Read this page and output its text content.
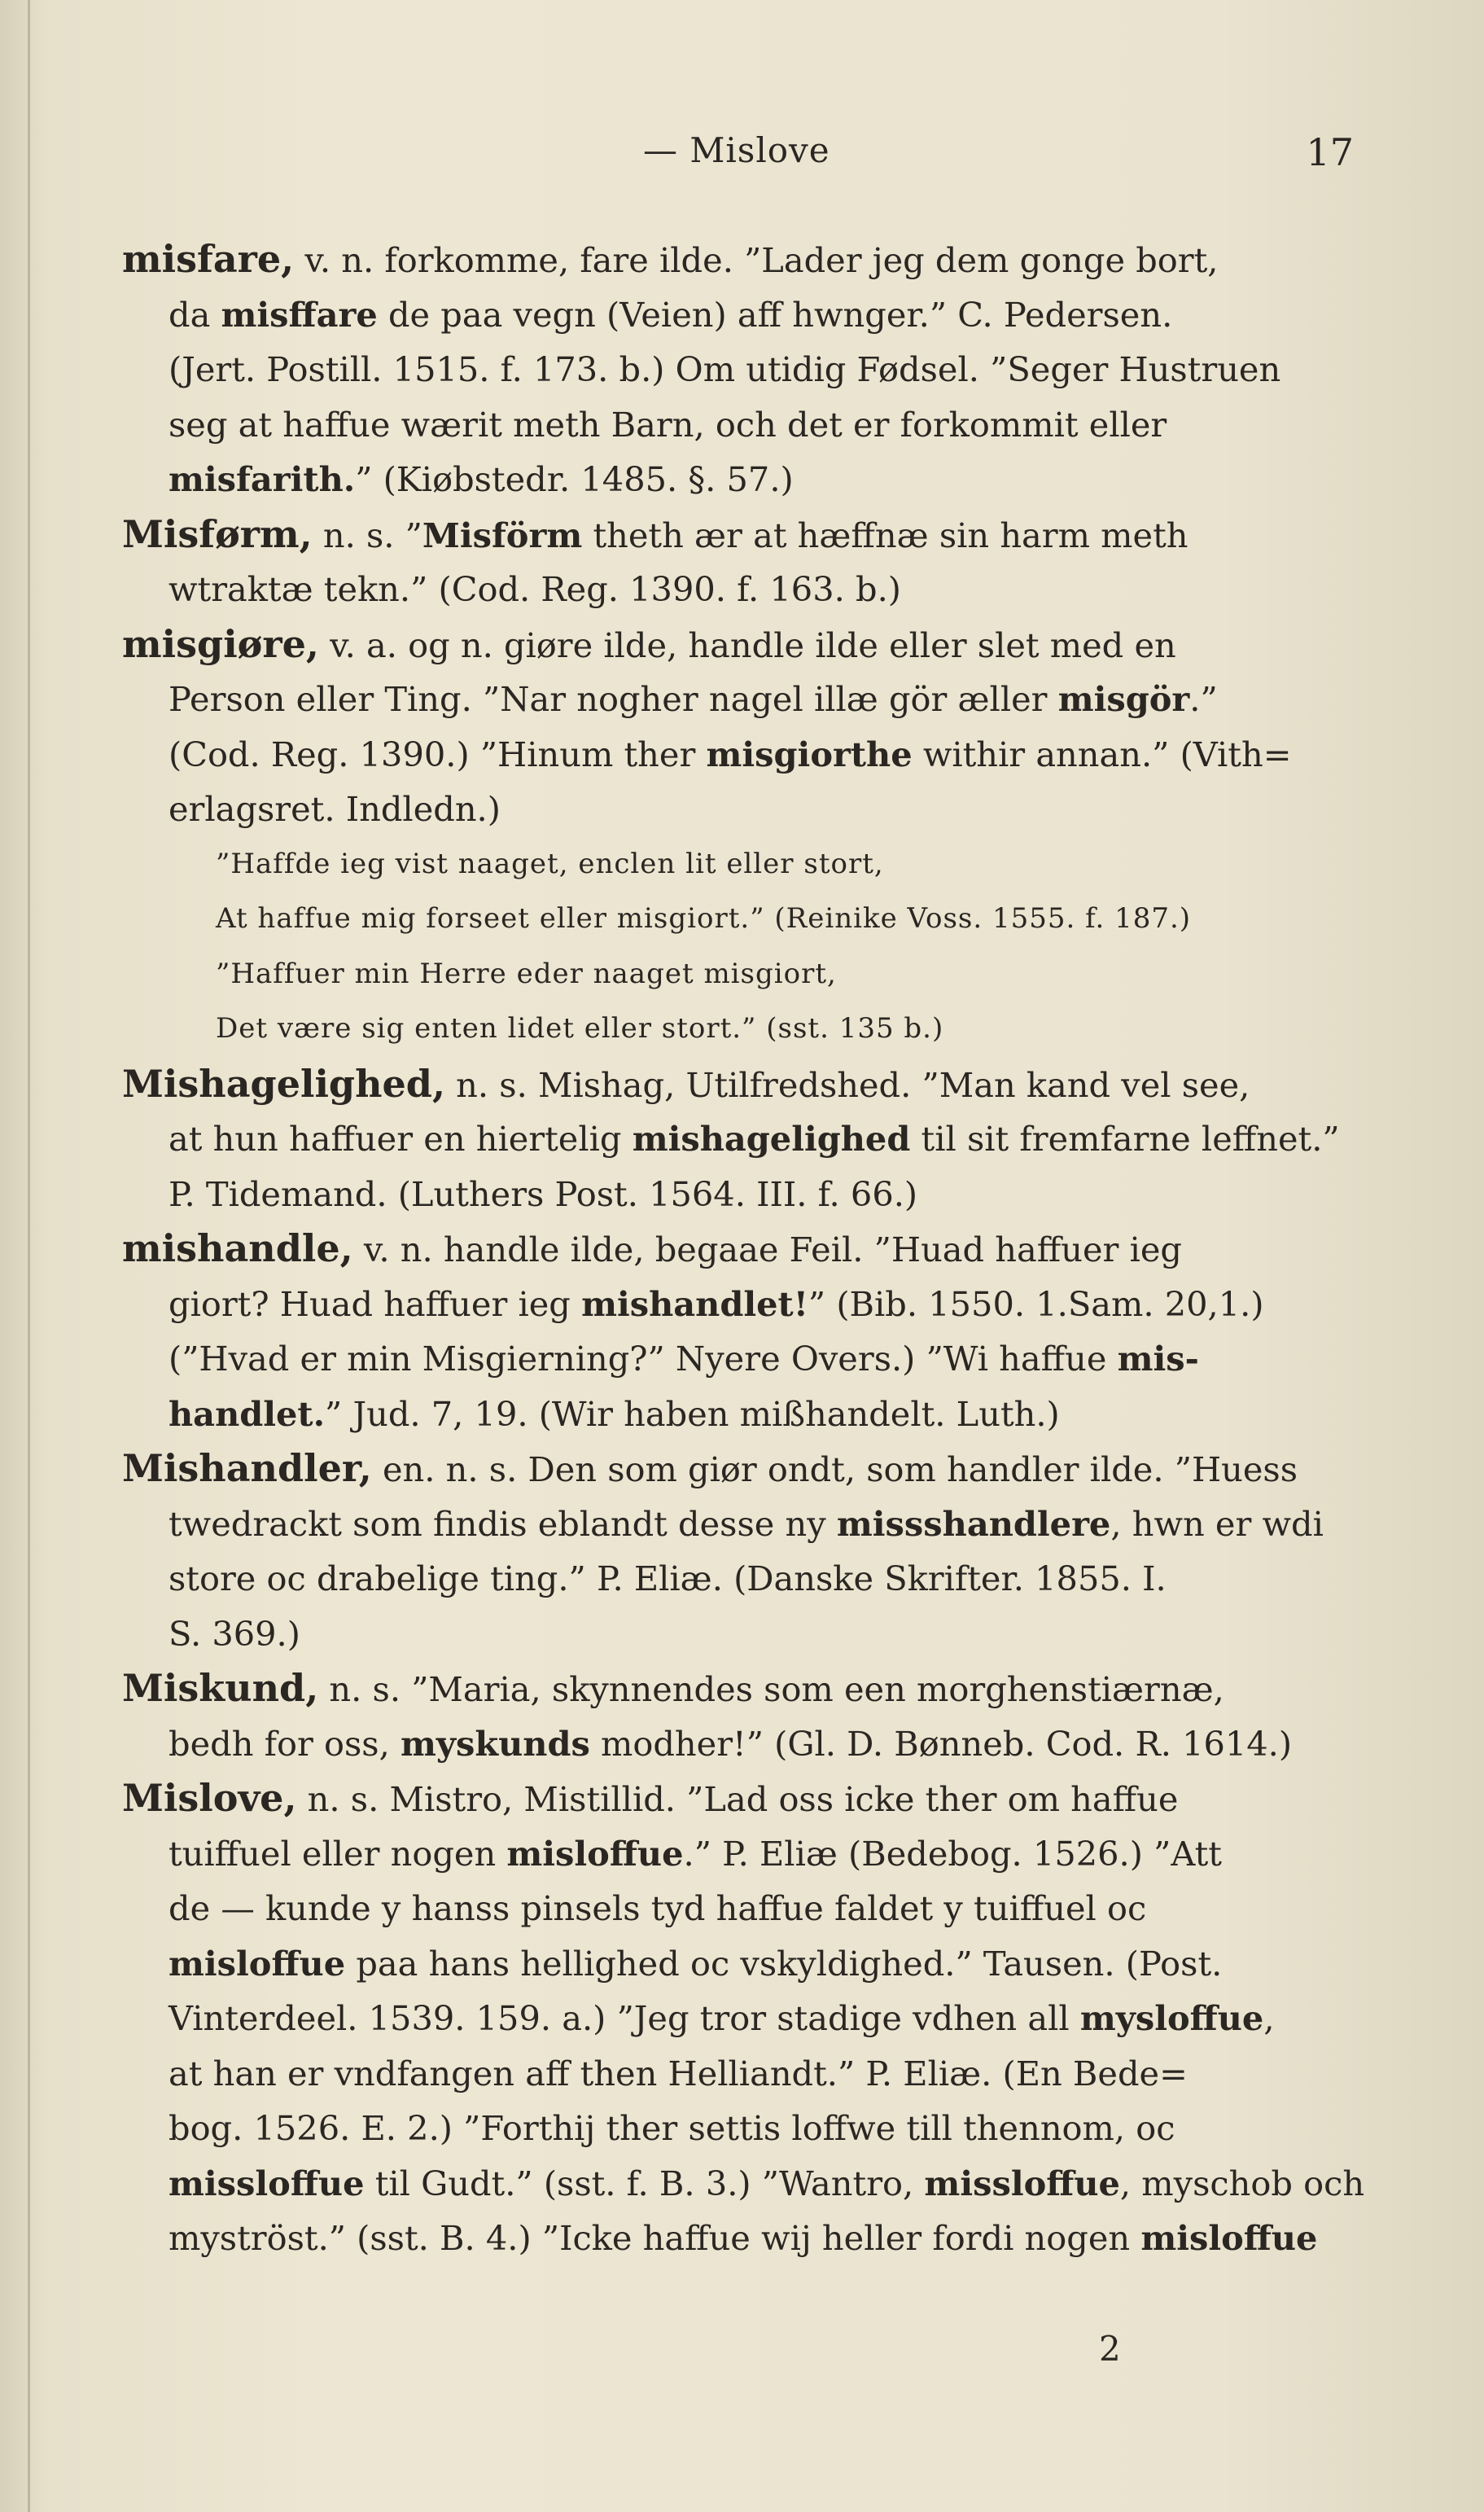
— Mislove	17
misfare, v. n. forkomme, fare ilde. ”Lader jeg dem gonge bort,
da misffare de paa vegn (Veien) aff hwnger.” C. Pedersen.
(Jert. Postill. 1515. f. 173. b.) Om utidig Fødsel. ”Seger Hustruen
seg at haffue wærit meth Barn, och det er forkommit eller
misfarith.” (Kiøbstedr. 1485. §. 57.)
Misførm, n. s. ”Misförm theth ær at hæffnæ sin harm meth
wtraktæ tekn.” (Cod. Reg. 1390. f. 163. b.)
misgiøre, v. a. og n. giøre ilde, handle ilde eller slet med en
Person eller Ting. ”Nar nogher nagel illæ gör æller misgör.”
(Cod. Reg. 1390.) ”Hinum ther misgiorthe withir annan.” (Vith=
erlagsret. Indledn.)
”Haffde ieg vist naaget, enclen lit eller stort,
At haffue mig forseet eller misgiort.” (Reinike Voss. 1555. f. 187.)
”Haffuer min Herre eder naaget misgiort,
Det være sig enten lidet eller stort.” (sst. 135 b.)
Mishagelighed, n. s. Mishag, Utilfredshed. ”Man kand vel see,
at hun haffuer en hiertelig mishagelighed til sit fremfarne leffnet.”
P. Tidemand. (Luthers Post. 1564. III. f. 66.)
mishandle, v. n. handle ilde, begaae Feil. ”Huad haffuer ieg
giort? Huad haffuer ieg mishandlet!” (Bib. 1550. 1.Sam. 20,1.)
(”Hvad er min Misgierning?” Nyere Overs.) ”Wi haffue mis-
handlet.” Jud. 7, 19. (Wir haben mißhandelt. Luth.)
Mishandler, en. n. s. Den som giør ondt, som handler ilde. ”Huess
twedrackt som findis eblandt desse ny missshandlere, hwn er wdi
store oc drabelige ting.” P. Eliæ. (Danske Skrifter. 1855. I.
S. 369.)
Miskund, n. s. ”Maria, skynnendes som een morghenstiærnæ,
bedh for oss, myskunds modher!” (Gl. D. Bønneb. Cod. R. 1614.)
Mislove, n. s. Mistro, Mistillid. ”Lad oss icke ther om haffue
tuiffuel eller nogen misloffue.” P. Eliæ (Bedebog. 1526.) ”Att
de — kunde y hanss pinsels tyd haffue faldet y tuiffuel oc
misloffue paa hans hellighed oc vskyldighed.” Tausen. (Post.
Vinterdeel. 1539. 159. a.) ”Jeg tror stadige vdhen all mysloffue,
at han er vndfangen aff then Helliandt.” P. Eliæ. (En Bede=
bog. 1526. E. 2.) ”Forthij ther settis loffwe till thennom, oc
missloffue til Gudt.” (sst. f. B. 3.) ”Wantro, missloffue, myschob och
myströst.” (sst. B. 4.) ”Icke haffue wij heller fordi nogen misloffue
2
